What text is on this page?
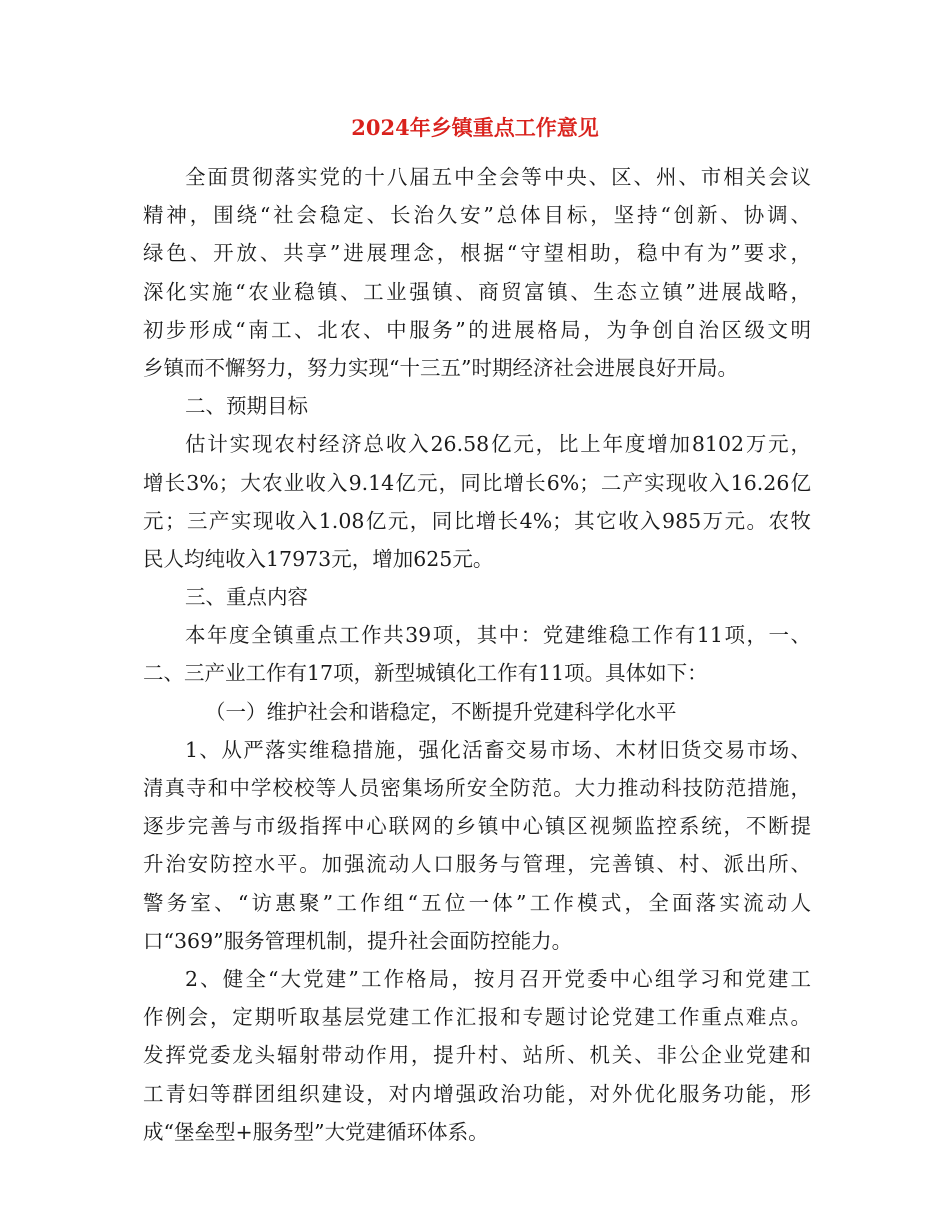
2024年乡镇重点工作意见
全面贯彻落实党的十八届五中全会等中央、区、州、市相关会议
精神，围绕“社会稳定、长治久安”总体目标，坚持“创新、协调、
绿色、开放、共享”进展理念，根据“守望相助，稳中有为”要求，
深化实施“农业稳镇、工业强镇、商贸富镇、生态立镇”进展战略，
初步形成“南工、北农、中服务”的进展格局，为争创自治区级文明
乡镇而不懈努力，努力实现“十三五”时期经济社会进展良好开局。
二、预期目标
估计实现农村经济总收入26.58亿元，比上年度增加8102万元，
增长3%；大农业收入9.14亿元，同比增长6%；二产实现收入16.26亿
元；三产实现收入1.08亿元，同比增长4%；其它收入985万元。农牧
民人均纯收入17973元，增加625元。
三、重点内容
本年度全镇重点工作共39项，其中：党建维稳工作有11项，一、
二、三产业工作有17项，新型城镇化工作有11项。具体如下：
（一）维护社会和谐稳定，不断提升党建科学化水平
1、从严落实维稳措施，强化活畜交易市场、木材旧货交易市场、
清真寺和中学校校等人员密集场所安全防范。大力推动科技防范措施，
逐步完善与市级指挥中心联网的乡镇中心镇区视频监控系统，不断提
升治安防控水平。加强流动人口服务与管理，完善镇、村、派出所、
警务室、“访惠聚”工作组“五位一体”工作模式，全面落实流动人
口“369”服务管理机制，提升社会面防控能力。
2、健全“大党建”工作格局，按月召开党委中心组学习和党建工
作例会，定期听取基层党建工作汇报和专题讨论党建工作重点难点。
发挥党委龙头辐射带动作用，提升村、站所、机关、非公企业党建和
工青妇等群团组织建设，对内增强政治功能，对外优化服务功能，形
成“堡垒型+服务型”大党建循环体系。
